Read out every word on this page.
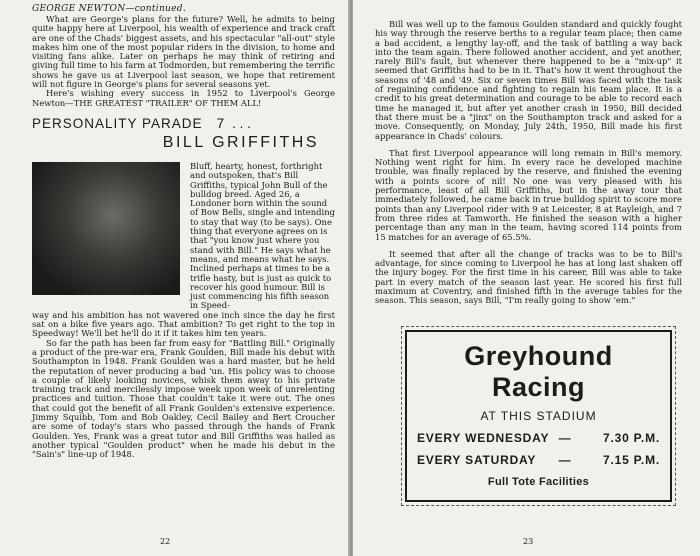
GEORGE NEWTON—continued.

What are George's plans for the future? Well, he admits to being quite happy here at Liverpool, his wealth of experience and track craft are one of the Chads' biggest assets, and his spectacular "all-out" style makes him one of the most popular riders in the division, to home and visiting fans alike. Later on perhaps he may think of retiring and giving full time to his farm at Todmorden, but remembering the terrific shows he gave us at Liverpool last season, we hope that retirement will not figure in George's plans for several seasons yet.

Here's wishing every success in 1952 to Liverpool's George Newton—THE GREATEST "TRAILER" OF THEM ALL!

PERSONALITY PARADE 7 . . .
BILL GRIFFITHS

Bluff, hearty, honest, forthright and outspoken, that's Bill Griffiths, typical John Bull of the bulldog breed. Aged 26, a Londoner born within the sound of Bow Bells, single and intending to stay that way (to be says). One thing that everyone agrees on is that "you know just where you stand with Bill." He says what he means, and means what he says. Inclined perhaps at times to be a trifle hasty, but is just as quick to recover his good humour. Bill is just commencing his fifth season in Speed-

way and his ambition has not wavered one inch since the day he first sat on a bike five years ago. That ambition? To get right to the top in Speedway! We'll bet he'll do it if it takes him ten years.

So far the path has been far from easy for "Battling Bill." Originally a product of the pre-war era, Frank Goulden, Bill made his debut with Southampton in 1948. Frank Goulden was a hard master, but he held the reputation of never producing a bad 'un. His policy was to choose a couple of likely looking novices, whisk them away to his private training track and mercilessly impose week upon week of unrelenting practices and tuition. Those that couldn't take it were out. The ones that could got the benefit of all Frank Goulden's extensive experience. Jimmy Squibb, Tom and Bob Oakley, Cecil Bailey and Bert Croucher are some of today's stars who passed through the hands of Frank Goulden. Yes, Frank was a great tutor and Bill Griffiths was hailed as another typical "Goulden product" when he made his debut in the "Sain's" line-up of 1948.

22

Bill was well up to the famous Goulden standard and quickly fought his way through the reserve berths to a regular team place; then came a bad accident, a lengthy lay-off, and the task of battling a way back into the team again. There followed another accident, and yet another, rarely Bill's fault, but whenever there happened to be a "mix-up" it seemed that Griffiths had to be in it. That's how it went throughout the seasons of '48 and '49. Six or seven times Bill was faced with the task of regaining confidence and fighting to regain his team place. It is a credit to his great determination and courage to be able to record each time he managed it, but after yet another crash in 1950, Bill decided that there must be a "jinx" on the Southampton track and asked for a move. Consequently, on Monday, July 24th, 1950, Bill made his first appearance in Chads' colours.

That first Liverpool appearance will long remain in Bill's memory. Nothing went right for him. In every race he developed machine trouble, was finally replaced by the reserve, and finished the evening with a points score of nil! No one was very pleased with his performance, least of all Bill Griffiths, but in the away tour that immediately followed, he came back in true bulldog spirit to score more points than any Liverpool rider with 9 at Leicester, 8 at Rayleigh, and 7 from three rides at Tamworth. He finished the season with a higher percentage than any man in the team, having scored 114 points from 15 matches for an average of 65.5%.

It seemed that after all the change of tracks was to be to Bill's advantage, for since coming to Liverpool he has at long last shaken off the injury bogey. For the first time in his career, Bill was able to take part in every match of the season last year. He scored his first full maximum at Coventry, and finished fifth in the average tables for the season. This season, says Bill, "I'm really going to show 'em."

Greyhound Racing
AT THIS STADIUM
EVERY WEDNESDAY —	7.30 P.M.
EVERY SATURDAY	—	7.15 P.M.
Full Tote Facilities
23
